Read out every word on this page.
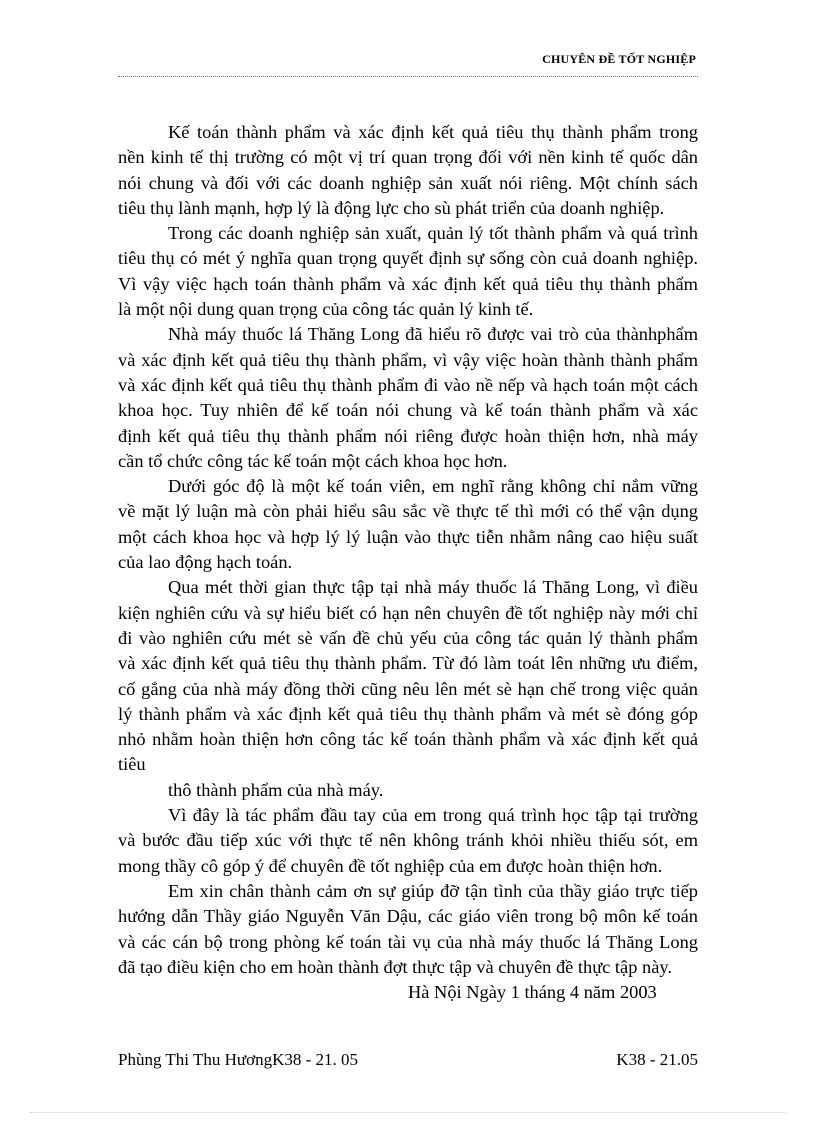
CHUYÊN ĐỀ TỐT NGHIỆP
Kế toán thành phẩm và xác định kết quả tiêu thụ thành phẩm trong
nền kinh tế thị trường có một vị trí quan trọng đối với nền kinh tế quốc dân
nói chung và đối với các doanh nghiệp sản xuất nói riêng. Một chính sách
tiêu thụ lành mạnh, hợp lý là động lực cho sù phát triển của doanh nghiệp.
Trong các doanh nghiệp sản xuất, quản lý tốt thành phẩm và quá trình
tiêu thụ có mét ý nghĩa quan trọng quyết định sự sống còn cuả doanh nghiệp.
Vì vậy việc hạch toán thành phẩm và xác định kết quả tiêu thụ thành phẩm
là một nội dung quan trọng của công tác quản lý kinh tế.
Nhà máy thuốc lá Thăng Long đã hiểu rõ được vai trò của thànhphẩm
và xác định kết quả tiêu thụ thành phẩm, vì vậy việc hoàn thành thành phẩm
và xác định kết quả tiêu thụ thành phẩm đi vào nề nếp và hạch toán một cách
khoa học. Tuy nhiên để kế toán nói chung và kế toán thành phẩm và xác
định kết quả tiêu thụ thành phẩm nói riêng được hoàn thiện hơn, nhà máy
cần tổ chức công tác kế toán một cách khoa học hơn.
Dưới góc độ là một kế toán viên, em nghĩ rằng không chỉ nắm vững
về mặt lý luận mà còn phải hiểu sâu sắc về thực tế thì mới có thể vận dụng
một cách khoa học và hợp lý lý luận vào thực tiễn nhằm nâng cao hiệu suất
của lao động hạch toán.
Qua mét thời gian thực tập tại nhà máy thuốc lá Thăng Long, vì điều
kiện nghiên cứu và sự hiểu biết có hạn nên chuyên đề tốt nghiệp này mới chỉ
đi vào nghiên cứu mét sè vấn đề chủ yếu của công tác quản lý thành phẩm
và xác định kết quả tiêu thụ thành phẩm. Từ đó làm toát lên những ưu điểm,
cố gắng của nhà máy đồng thời cũng nêu lên mét sè hạn chế trong việc quản
lý thành phẩm và xác định kết quả tiêu thụ thành phẩm và mét sè đóng góp
nhỏ nhằm hoàn thiện hơn công tác kế toán thành phẩm và xác định kết quả
tiêu
thô thành phẩm của nhà máy.
Vì đây là tác phẩm đầu tay của em trong quá trình học tập tại trường
và bước đầu tiếp xúc với thực tế nên không tránh khỏi nhiều thiếu sót, em
mong thầy cô góp ý để chuyên đề tốt nghiệp của em được hoàn thiện hơn.
Em xin chân thành cảm ơn sự giúp đỡ tận tình của thầy giáo trực tiếp
hướng dẫn Thầy giáo Nguyễn Văn Dậu, các giáo viên trong bộ môn kế toán
và các cán bộ trong phòng kế toán tài vụ của nhà máy thuốc lá Thăng Long
đã tạo điều kiện cho em hoàn thành đợt thực tập và chuyên đề thực tập này.
Hà Nội Ngày 1 tháng 4 năm 2003
Phùng Thi Thu HươngK38 - 21. 05	K38 - 21.05
